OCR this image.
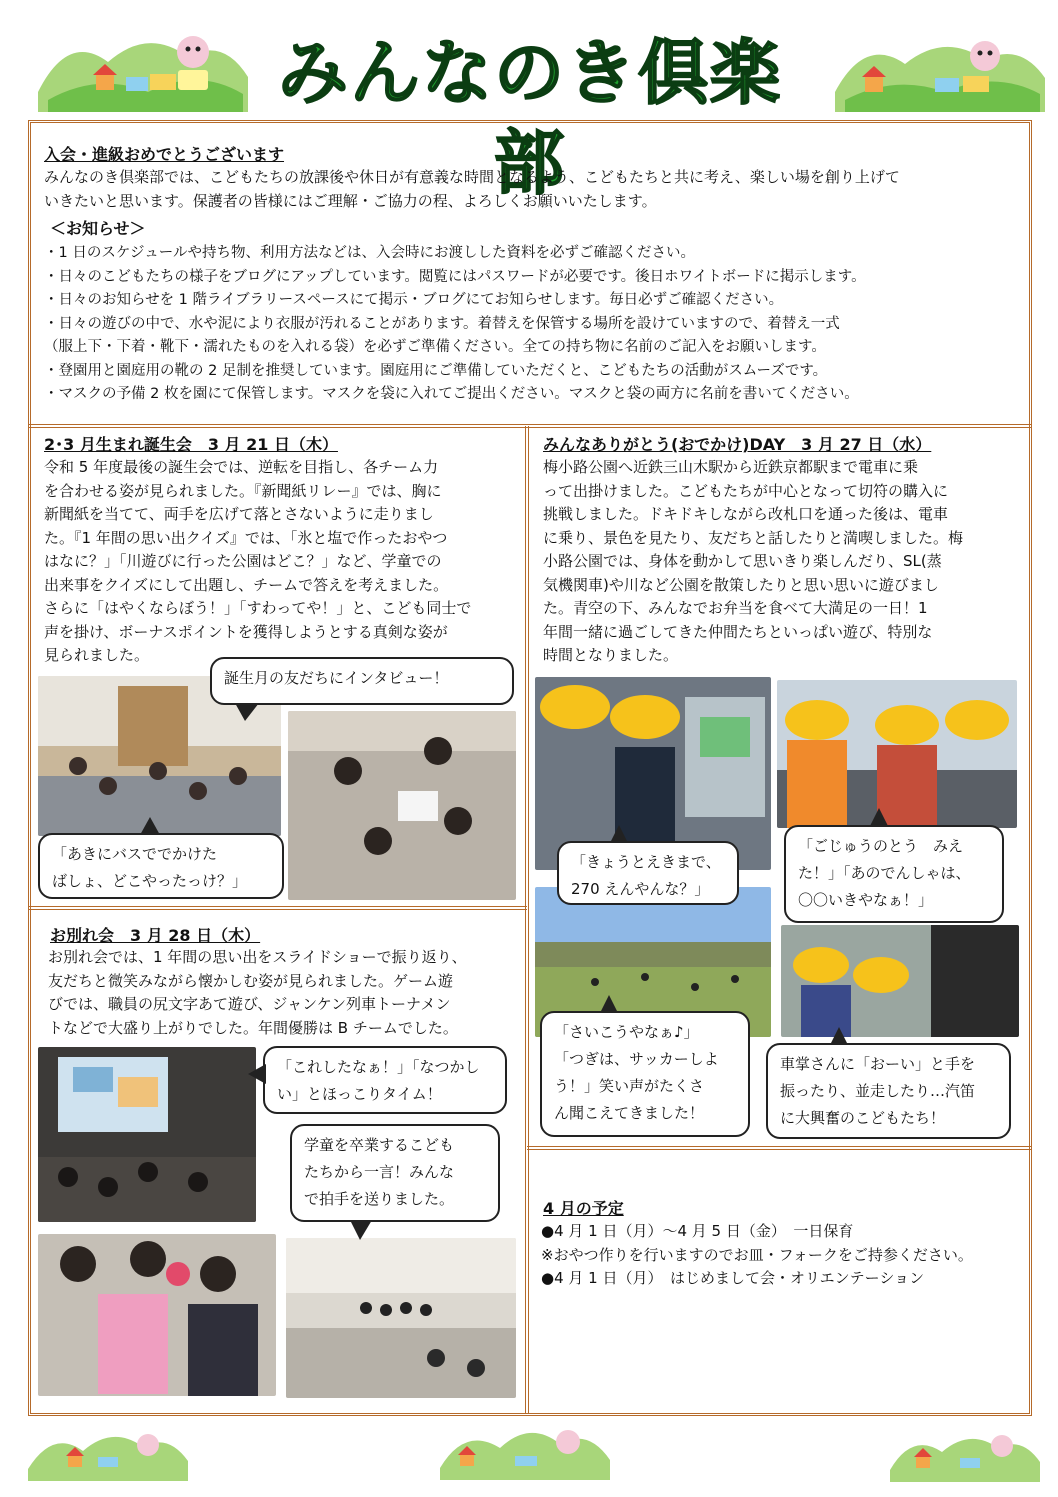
みんなのき倶楽部
入会・進級おめでとうございます

みんなのき倶楽部では、こどもたちの放課後や休日が有意義な時間となるよう、こどもたちと共に考え、楽しい場を創り上げて

いきたいと思います。保護者の皆様にはご理解・ご協力の程、よろしくお願いいたします。

＜お知らせ＞

・1 日のスケジュールや持ち物、利用方法などは、入会時にお渡しした資料を必ずご確認ください。

・日々のこどもたちの様子をブログにアップしています。閲覧にはパスワードが必要です。後日ホワイトボードに掲示します。

・日々のお知らせを 1 階ライブラリースペースにて掲示・ブログにてお知らせします。毎日必ずご確認ください。

・日々の遊びの中で、水や泥により衣服が汚れることがあります。着替えを保管する場所を設けていますので、着替え一式

（服上下・下着・靴下・濡れたものを入れる袋）を必ずご準備ください。全ての持ち物に名前のご記入をお願いします。

・登園用と園庭用の靴の 2 足制を推奨しています。園庭用にご準備していただくと、こどもたちの活動がスムーズです。

・マスクの予備 2 枚を園にて保管します。マスクを袋に入れてご提出ください。マスクと袋の両方に名前を書いてください。

2･3 月生まれ誕生会　3 月 21 日（木）

令和 5 年度最後の誕生会では、逆転を目指し、各チーム力

を合わせる姿が見られました。『新聞紙リレー』では、胸に

新聞紙を当てて、両手を広げて落とさないように走りまし

た。『1 年間の思い出クイズ』では、「氷と塩で作ったおやつ

はなに？」「川遊びに行った公園はどこ？」など、学童での

出来事をクイズにして出題し、チームで答えを考えました。

さらに「はやくならぼう！」「すわってや！」と、こども同士で

声を掛け、ボーナスポイントを獲得しようとする真剣な姿が

見られました。

誕生月の友だちにインタビュー！

「あきにバスででかけた

ばしょ、どこやったっけ？」

お別れ会　3 月 28 日（木）

お別れ会では、1 年間の思い出をスライドショーで振り返り、

友だちと微笑みながら懐かしむ姿が見られました。ゲーム遊

びでは、職員の尻文字あて遊び、ジャンケン列車トーナメン

トなどで大盛り上がりでした。年間優勝は B チームでした。

「これしたなぁ！」「なつかし

い」とほっこりタイム！

学童を卒業するこども

たちから一言！みんな

で拍手を送りました。

みんなありがとう(おでかけ)DAY　3 月 27 日（水）

梅小路公園へ近鉄三山木駅から近鉄京都駅まで電車に乗

って出掛けました。こどもたちが中心となって切符の購入に

挑戦しました。ドキドキしながら改札口を通った後は、電車

に乗り、景色を見たり、友だちと話したりと満喫しました。梅

小路公園では、身体を動かして思いきり楽しんだり、SL(蒸

気機関車)や川など公園を散策したりと思い思いに遊びまし

た。青空の下、みんなでお弁当を食べて大満足の一日！1

年間一緒に過ごしてきた仲間たちといっぱい遊び、特別な

時間となりました。

「きょうとえきまで、

270 えんやんな？」

「ごじゅうのとう　みえ

た！」「あのでんしゃは、

〇〇いきやなぁ！」

「さいこうやなぁ♪」

「つぎは、サッカーしよ

う！」笑い声がたくさ

ん聞こえてきました！

車掌さんに「おーい」と手を

振ったり、並走したり…汽笛

に大興奮のこどもたち！

4 月の予定

●4 月 1 日（月）～4 月 5 日（金）　一日保育

※おやつ作りを行いますのでお皿・フォークをご持参ください。

●4 月 1 日（月）　はじめまして会・オリエンテーション
